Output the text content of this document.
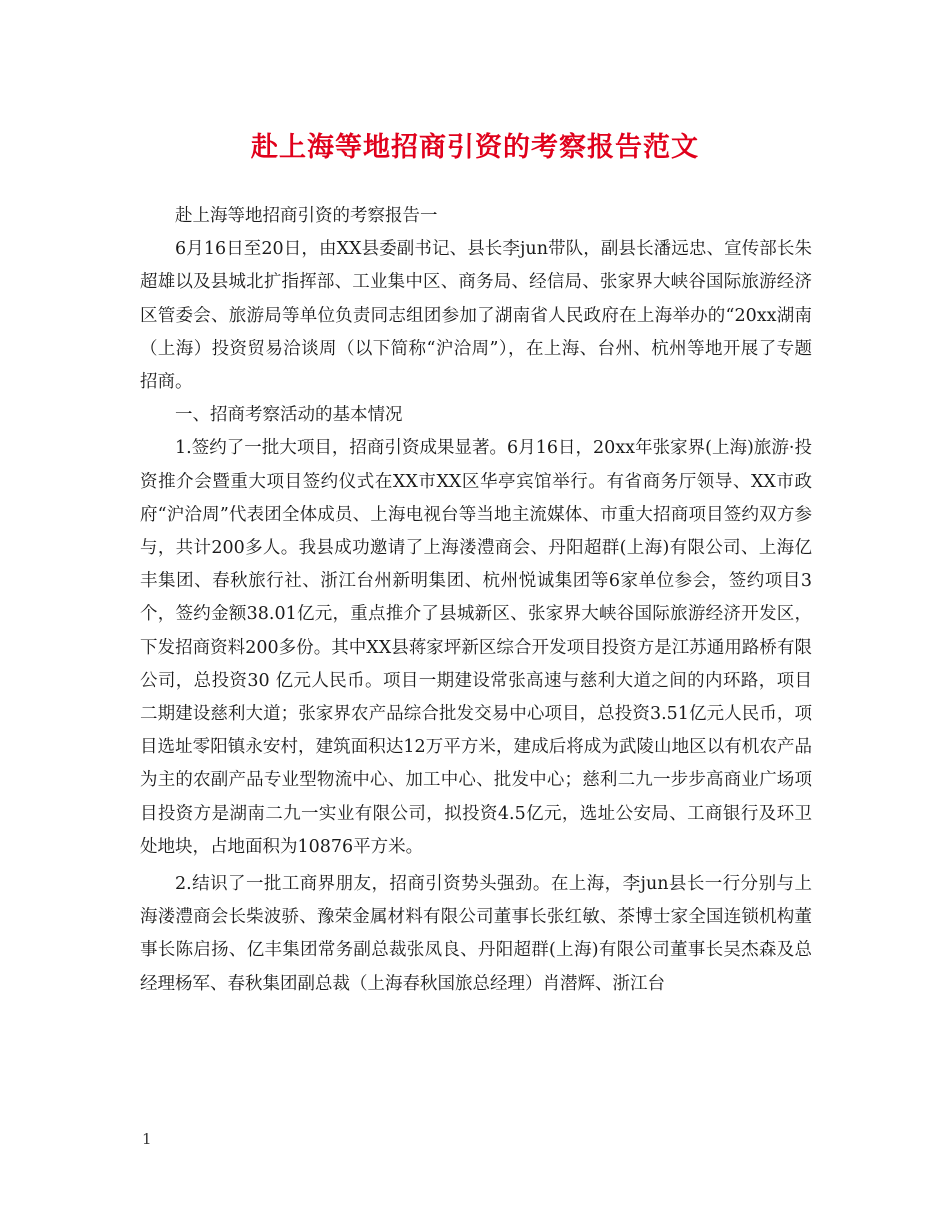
赴上海等地招商引资的考察报告范文

赴上海等地招商引资的考察报告一

6月16日至20日，由XX县委副书记、县长李jun带队，副县长潘远忠、宣传部长朱超雄以及县城北扩指挥部、工业集中区、商务局、经信局、张家界大峡谷国际旅游经济区管委会、旅游局等单位负责同志组团参加了湖南省人民政府在上海举办的“20xx湖南（上海）投资贸易洽谈周（以下简称“沪洽周”），在上海、台州、杭州等地开展了专题招商。

一、招商考察活动的基本情况

1.签约了一批大项目，招商引资成果显著。6月16日，20xx年张家界(上海)旅游·投资推介会暨重大项目签约仪式在XX市XX区华亭宾馆举行。有省商务厅领导、XX市政府“沪洽周”代表团全体成员、上海电视台等当地主流媒体、市重大招商项目签约双方参与，共计200多人。我县成功邀请了上海溇澧商会、丹阳超群(上海)有限公司、上海亿丰集团、春秋旅行社、浙江台州新明集团、杭州悦诚集团等6家单位参会，签约项目3个，签约金额38.01亿元，重点推介了县城新区、张家界大峡谷国际旅游经济开发区，下发招商资料200多份。其中XX县蒋家坪新区综合开发项目投资方是江苏通用路桥有限公司，总投资30 亿元人民币。项目一期建设常张高速与慈利大道之间的内环路，项目二期建设慈利大道；张家界农产品综合批发交易中心项目，总投资3.51亿元人民币，项目选址零阳镇永安村，建筑面积达12万平方米，建成后将成为武陵山地区以有机农产品为主的农副产品专业型物流中心、加工中心、批发中心；慈利二九一步步高商业广场项目投资方是湖南二九一实业有限公司，拟投资4.5亿元，选址公安局、工商银行及环卫处地块，占地面积为10876平方米。

2.结识了一批工商界朋友，招商引资势头强劲。在上海，李jun县长一行分别与上海溇澧商会长柴波骄、豫荣金属材料有限公司董事长张红敏、茶博士家全国连锁机构董事长陈启扬、亿丰集团常务副总裁张凤良、丹阳超群(上海)有限公司董事长吴杰森及总经理杨军、春秋集团副总裁（上海春秋国旅总经理）肖潜辉、浙江台

1
